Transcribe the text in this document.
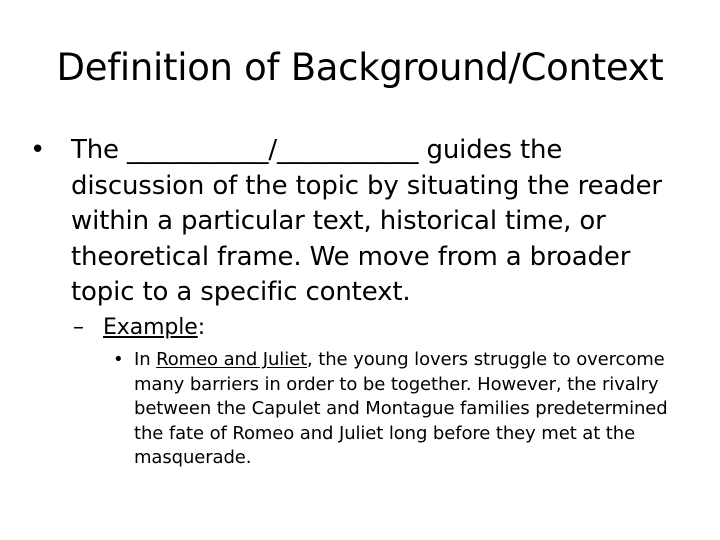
Definition of Background/Context
• The ___________/___________ guides the discussion of the topic by situating the reader within a particular text, historical time, or theoretical frame. We move from a broader topic to a specific context.
– Example:
• In Romeo and Juliet, the young lovers struggle to overcome many barriers in order to be together. However, the rivalry between the Capulet and Montague families predetermined the fate of Romeo and Juliet long before they met at the masquerade.
